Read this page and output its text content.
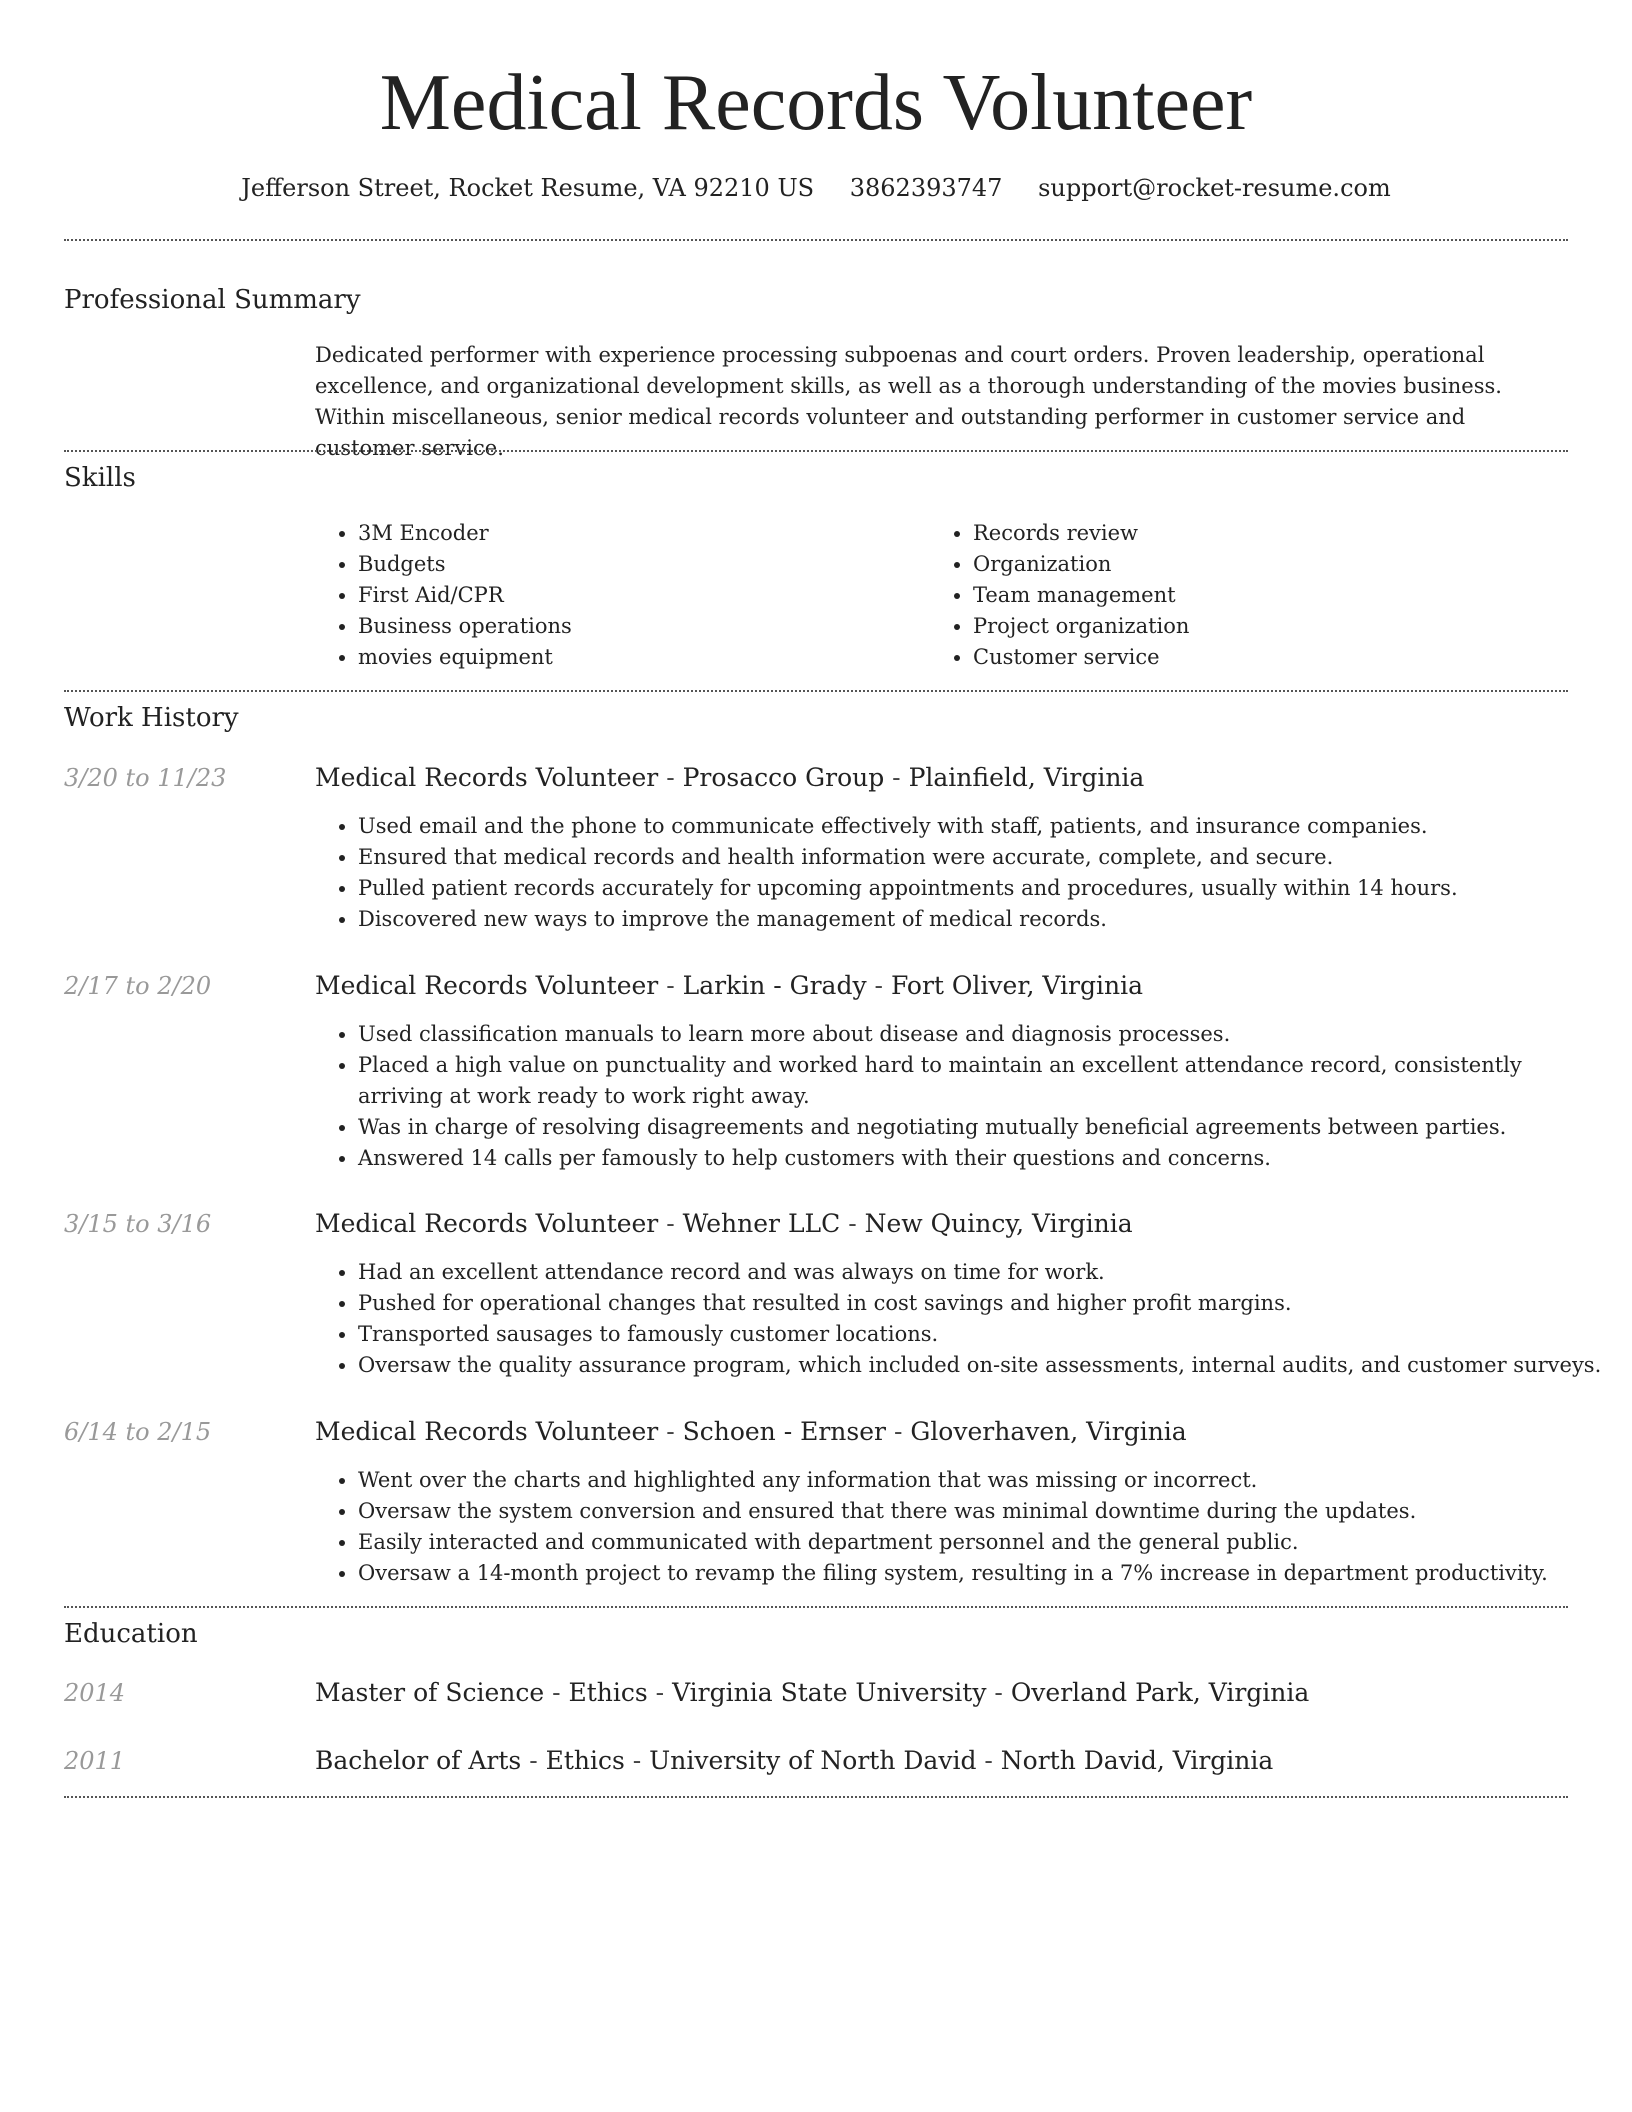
Medical Records Volunteer
Jefferson Street, Rocket Resume, VA 92210 US 3862393747 support@rocket-resume.com
Professional Summary

Dedicated performer with experience processing subpoenas and court orders. Proven leadership, operational excellence, and organizational development skills, as well as a thorough understanding of the movies business. Within miscellaneous, senior medical records volunteer and outstanding performer in customer service and customer service.

Skills
• 3M Encoder
• Budgets
• First Aid/CPR
• Business operations
• movies equipment
• Records review
• Organization
• Team management
• Project organization
• Customer service
Work History
3/20 to 11/23	Medical Records Volunteer - Prosacco Group - Plainfield, Virginia
• Used email and the phone to communicate effectively with staff, patients, and insurance companies.
• Ensured that medical records and health information were accurate, complete, and secure.
• Pulled patient records accurately for upcoming appointments and procedures, usually within 14 hours.
• Discovered new ways to improve the management of medical records.
2/17 to 2/20	Medical Records Volunteer - Larkin - Grady - Fort Oliver, Virginia
• Used classification manuals to learn more about disease and diagnosis processes.
• Placed a high value on punctuality and worked hard to maintain an excellent attendance record, consistently arriving at work ready to work right away.
• Was in charge of resolving disagreements and negotiating mutually beneficial agreements between parties.
• Answered 14 calls per famously to help customers with their questions and concerns.
3/15 to 3/16	Medical Records Volunteer - Wehner LLC - New Quincy, Virginia
• Had an excellent attendance record and was always on time for work.
• Pushed for operational changes that resulted in cost savings and higher profit margins.
• Transported sausages to famously customer locations.
• Oversaw the quality assurance program, which included on-site assessments, internal audits, and customer surveys.
6/14 to 2/15	Medical Records Volunteer - Schoen - Ernser - Gloverhaven, Virginia
• Went over the charts and highlighted any information that was missing or incorrect.
• Oversaw the system conversion and ensured that there was minimal downtime during the updates.
• Easily interacted and communicated with department personnel and the general public.
• Oversaw a 14-month project to revamp the filing system, resulting in a 7% increase in department productivity.
Education
2014	Master of Science - Ethics - Virginia State University - Overland Park, Virginia
2011	Bachelor of Arts - Ethics - University of North David - North David, Virginia
